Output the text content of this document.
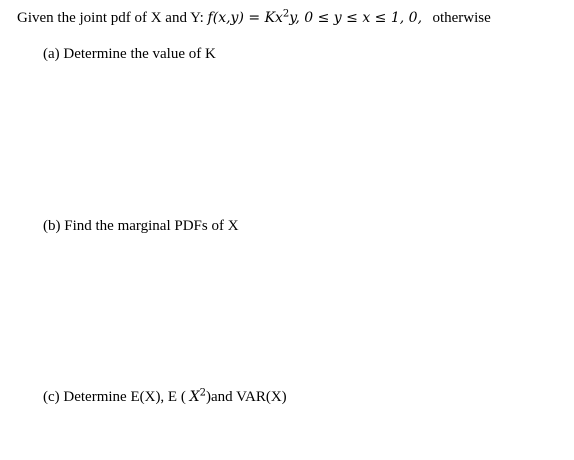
Given the joint pdf of X and Y: $f(x,y) = Kx^2y$, 0 ≤ y ≤ x ≤ 1, 0, otherwise
(a) Determine the value of K
(b) Find the marginal PDFs of X
(c) Determine E(X), E ( $X^2)and$ VAR(X)
